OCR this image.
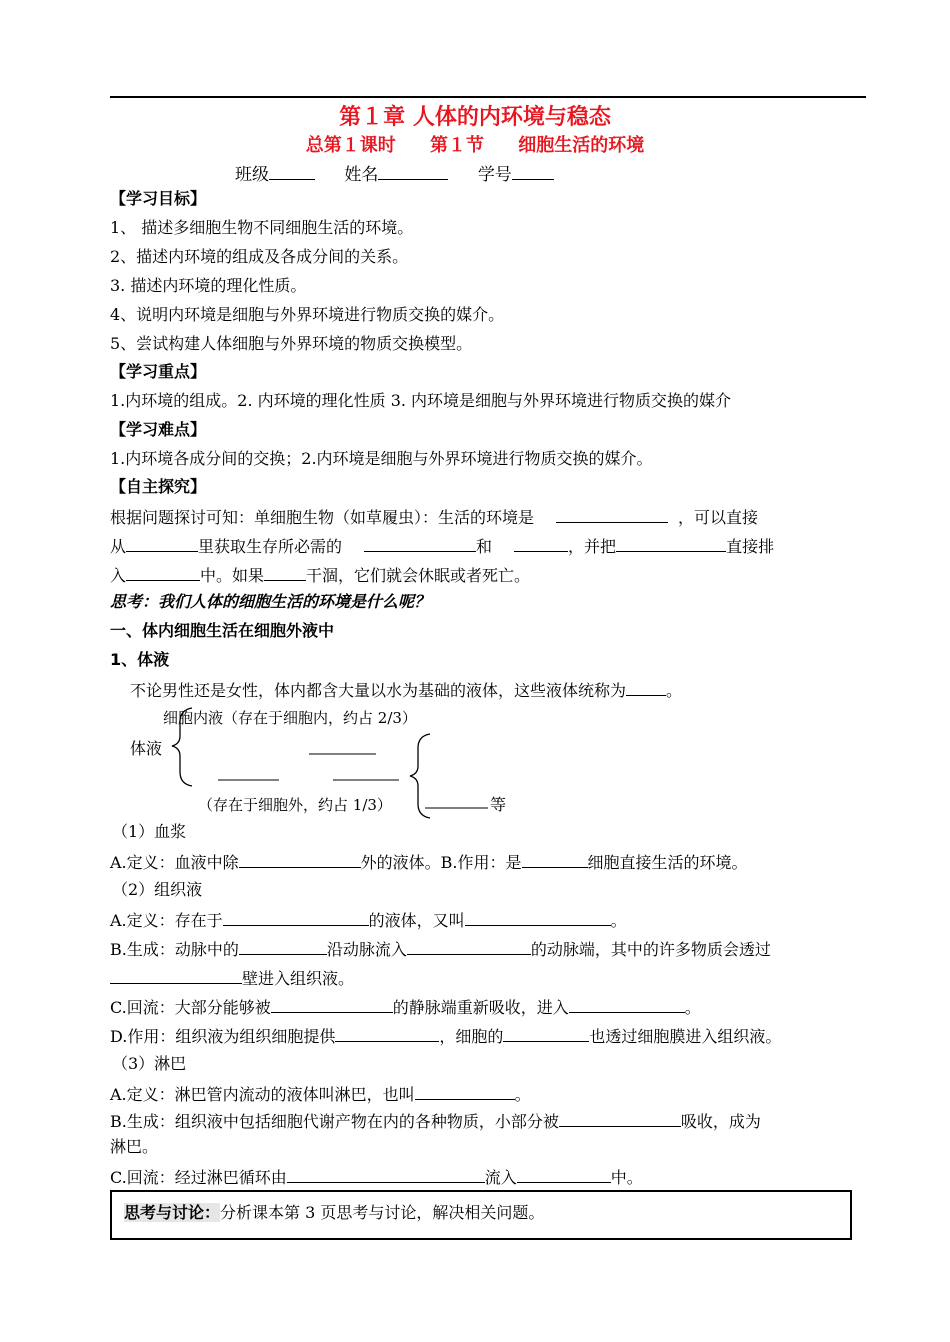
第１章 人体的内环境与稳态
总第１课时 第１节 细胞生活的环境
班级	姓名	学号
【学习目标】
1、 描述多细胞生物不同细胞生活的环境。
2、描述内环境的组成及各成分间的关系。
3. 描述内环境的理化性质。
4、说明内环境是细胞与外界环境进行物质交换的媒介。
5、尝试构建人体细胞与外界环境的物质交换模型。
【学习重点】
1.内环境的组成。2. 内环境的理化性质 3. 内环境是细胞与外界环境进行物质交换的媒介
【学习难点】
1.内环境各成分间的交换；2.内环境是细胞与外界环境进行物质交换的媒介。
【自主探究】
根据问题探讨可知：单细胞生物（如草履虫）：生活的环境是	，可以直接
从	里获取生存所必需的	和	，并把	直接排
入	中。如果	干涸，它们就会休眠或者死亡。
思考：我们人体的细胞生活的环境是什么呢？
一、体内细胞生活在细胞外液中
1、体液
不论男性还是女性，体内都含大量以水为基础的液体，这些液体统称为	。
细胞内液（存在于细胞内，约占 2/3）
体液
（存在于细胞外，约占 1/3）	等
（1）血浆
A.定义：血液中除	外的液体。B.作用：是	细胞直接生活的环境。
（2）组织液
A.定义：存在于	的液体，又叫	。
B.生成：动脉中的	沿动脉流入	的动脉端，其中的许多物质会透过
壁进入组织液。
C.回流：大部分能够被	的静脉端重新吸收，进入	。
D.作用：组织液为组织细胞提供	，细胞的	也透过细胞膜进入组织液。
（3）淋巴
A.定义：淋巴管内流动的液体叫淋巴，也叫	。
B.生成：组织液中包括细胞代谢产物在内的各种物质，小部分被	吸收，成为
淋巴。
C.回流：经过淋巴循环由	流入	中。
思考与讨论：分析课本第 3 页思考与讨论，解决相关问题。
